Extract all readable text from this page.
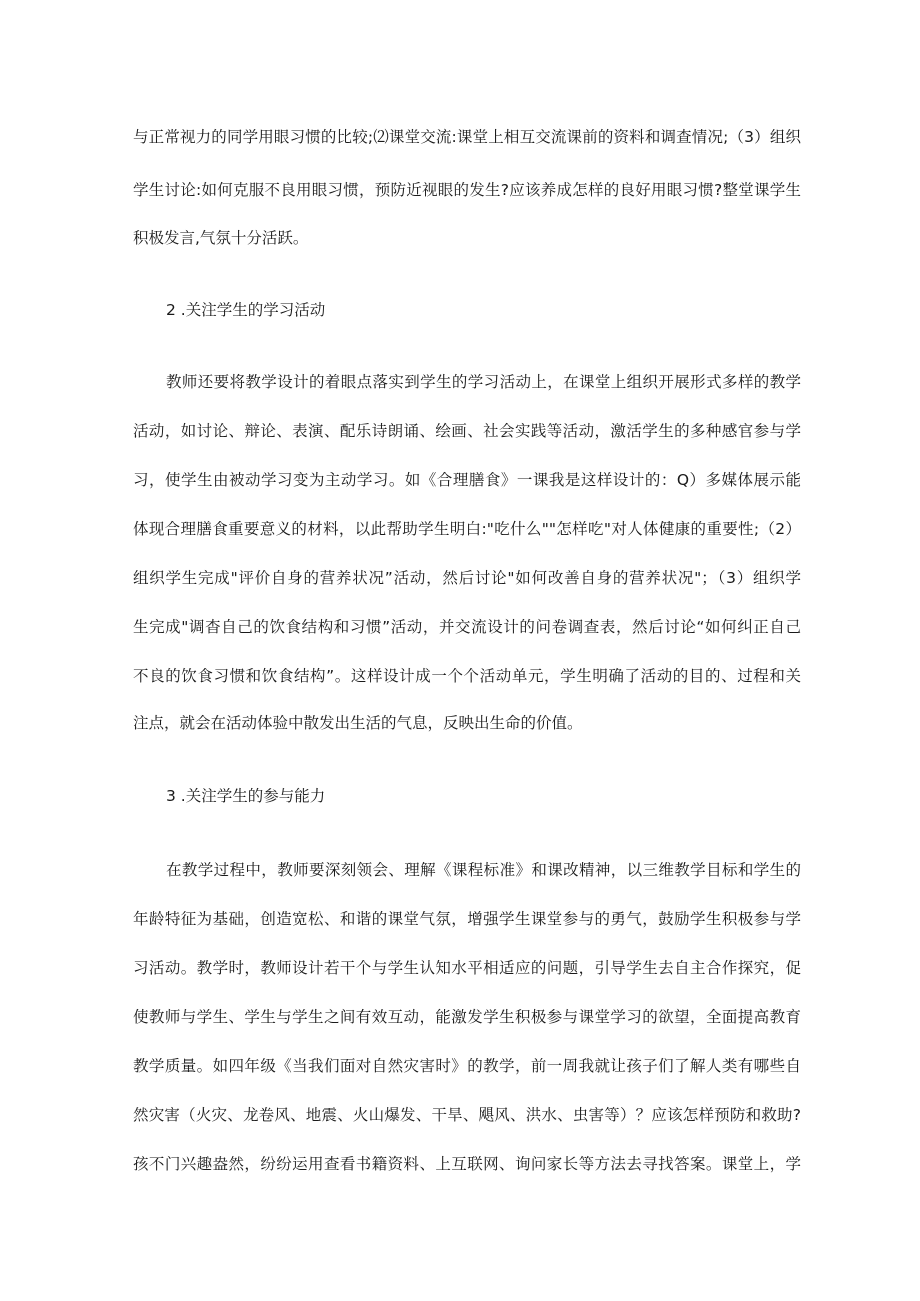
与正常视力的同学用眼习惯的比较;⑵课堂交流:课堂上相互交流课前的资料和调查情况;（3）组织
学生讨论:如何克服不良用眼习惯，预防近视眼的发生?应该养成怎样的良好用眼习惯?整堂课学生
积极发言,气氛十分活跃。
2 .关注学生的学习活动
教师还要将教学设计的着眼点落实到学生的学习活动上，在课堂上组织开展形式多样的教学
活动，如讨论、辩论、表演、配乐诗朗诵、绘画、社会实践等活动，激活学生的多种感官参与学
习，使学生由被动学习变为主动学习。如《合理膳食》一课我是这样设计的：Q）多媒体展示能
体现合理膳食重要意义的材料，以此帮助学生明白:"吃什么""怎样吃"对人体健康的重要性;（2）
组织学生完成"评价自身的营养状况”活动，然后讨论"如何改善自身的营养状况"；（3）组织学
生完成"调杳自己的饮食结构和习惯”活动，并交流设计的问卷调查表，然后讨论“如何纠正自己
不良的饮食习惯和饮食结构”。这样设计成一个个活动单元，学生明确了活动的目的、过程和关
注点，就会在活动体验中散发出生活的气息，反映出生命的价值。
3 .关注学生的参与能力
在教学过程中，教师要深刻领会、理解《课程标准》和课改精神，以三维教学目标和学生的
年龄特征为基础，创造宽松、和谐的课堂气氛，增强学生课堂参与的勇气，鼓励学生积极参与学
习活动。教学时，教师设计若干个与学生认知水平相适应的问题，引导学生去自主合作探究，促
使教师与学生、学生与学生之间有效互动，能激发学生积极参与课堂学习的欲望，全面提高教育
教学质量。如四年级《当我们面对自然灾害时》的教学，前一周我就让孩子们了解人类有哪些自
然灾害（火灾、龙卷风、地震、火山爆发、干旱、飓风、洪水、虫害等）？应该怎样预防和救助?
孩不门兴趣盎然，纷纷运用查看书籍资料、上互联网、询问家长等方法去寻找答案。课堂上，学
